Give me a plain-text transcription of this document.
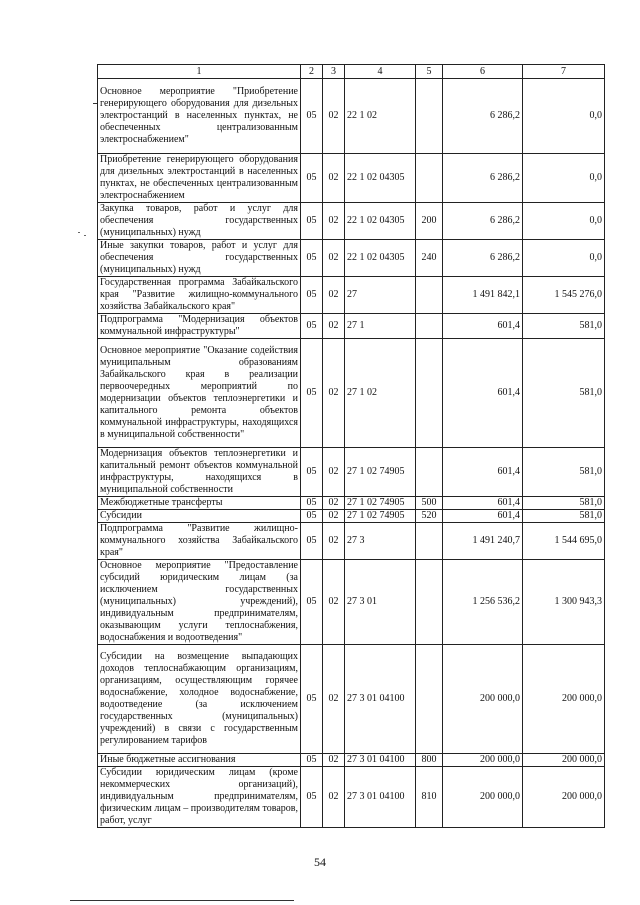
1	2	3	4	5	6	7
Основное мероприятие "Приобретение генерирующего оборудования для дизельных электростанций в населенных пунктах, не обеспеченных централизованным электроснабжением"	05	02	22 1 02		6 286,2	0,0
Приобретение генерирующего оборудования для дизельных электростанций в населенных пунктах, не обеспеченных централизованным электроснабжением	05	02	22 1 02 04305		6 286,2	0,0
Закупка товаров, работ и услуг для обеспечения государственных (муниципальных) нужд	05	02	22 1 02 04305	200	6 286,2	0,0
Иные закупки товаров, работ и услуг для обеспечения государственных (муниципальных) нужд	05	02	22 1 02 04305	240	6 286,2	0,0
Государственная программа Забайкальского края "Развитие жилищно-коммунального хозяйства Забайкальского края"	05	02	27		1 491 842,1	1 545 276,0
Подпрограмма "Модернизация объектов коммунальной инфраструктуры"	05	02	27 1		601,4	581,0
Основное мероприятие "Оказание содействия муниципальным образованиям Забайкальского края в реализации первоочередных мероприятий по модернизации объектов теплоэнергетики и капитального ремонта объектов коммунальной инфраструктуры, находящихся в муниципальной собственности"	05	02	27 1 02		601,4	581,0
Модернизация объектов теплоэнергетики и капитальный ремонт объектов коммунальной инфраструктуры, находящихся в муниципальной собственности	05	02	27 1 02 74905		601,4	581,0
Межбюджетные трансферты	05	02	27 1 02 74905	500	601,4	581,0
Субсидии	05	02	27 1 02 74905	520	601,4	581,0
Подпрограмма "Развитие жилищно-коммунального хозяйства Забайкальского края"	05	02	27 3		1 491 240,7	1 544 695,0
Основное мероприятие "Предоставление субсидий юридическим лицам (за исключением государственных (муниципальных) учреждений), индивидуальным предпринимателям, оказывающим услуги теплоснабжения, водоснабжения и водоотведения"	05	02	27 3 01		1 256 536,2	1 300 943,3
Субсидии на возмещение выпадающих доходов теплоснабжающим организациям, организациям, осуществляющим горячее водоснабжение, холодное водоснабжение, водоотведение (за исключением государственных (муниципальных) учреждений) в связи с государственным регулированием тарифов	05	02	27 3 01 04100		200 000,0	200 000,0
Иные бюджетные ассигнования	05	02	27 3 01 04100	800	200 000,0	200 000,0
Субсидии юридическим лицам (кроме некоммерческих организаций), индивидуальным предпринимателям, физическим лицам – производителям товаров, работ, услуг	05	02	27 3 01 04100	810	200 000,0	200 000,0
54
